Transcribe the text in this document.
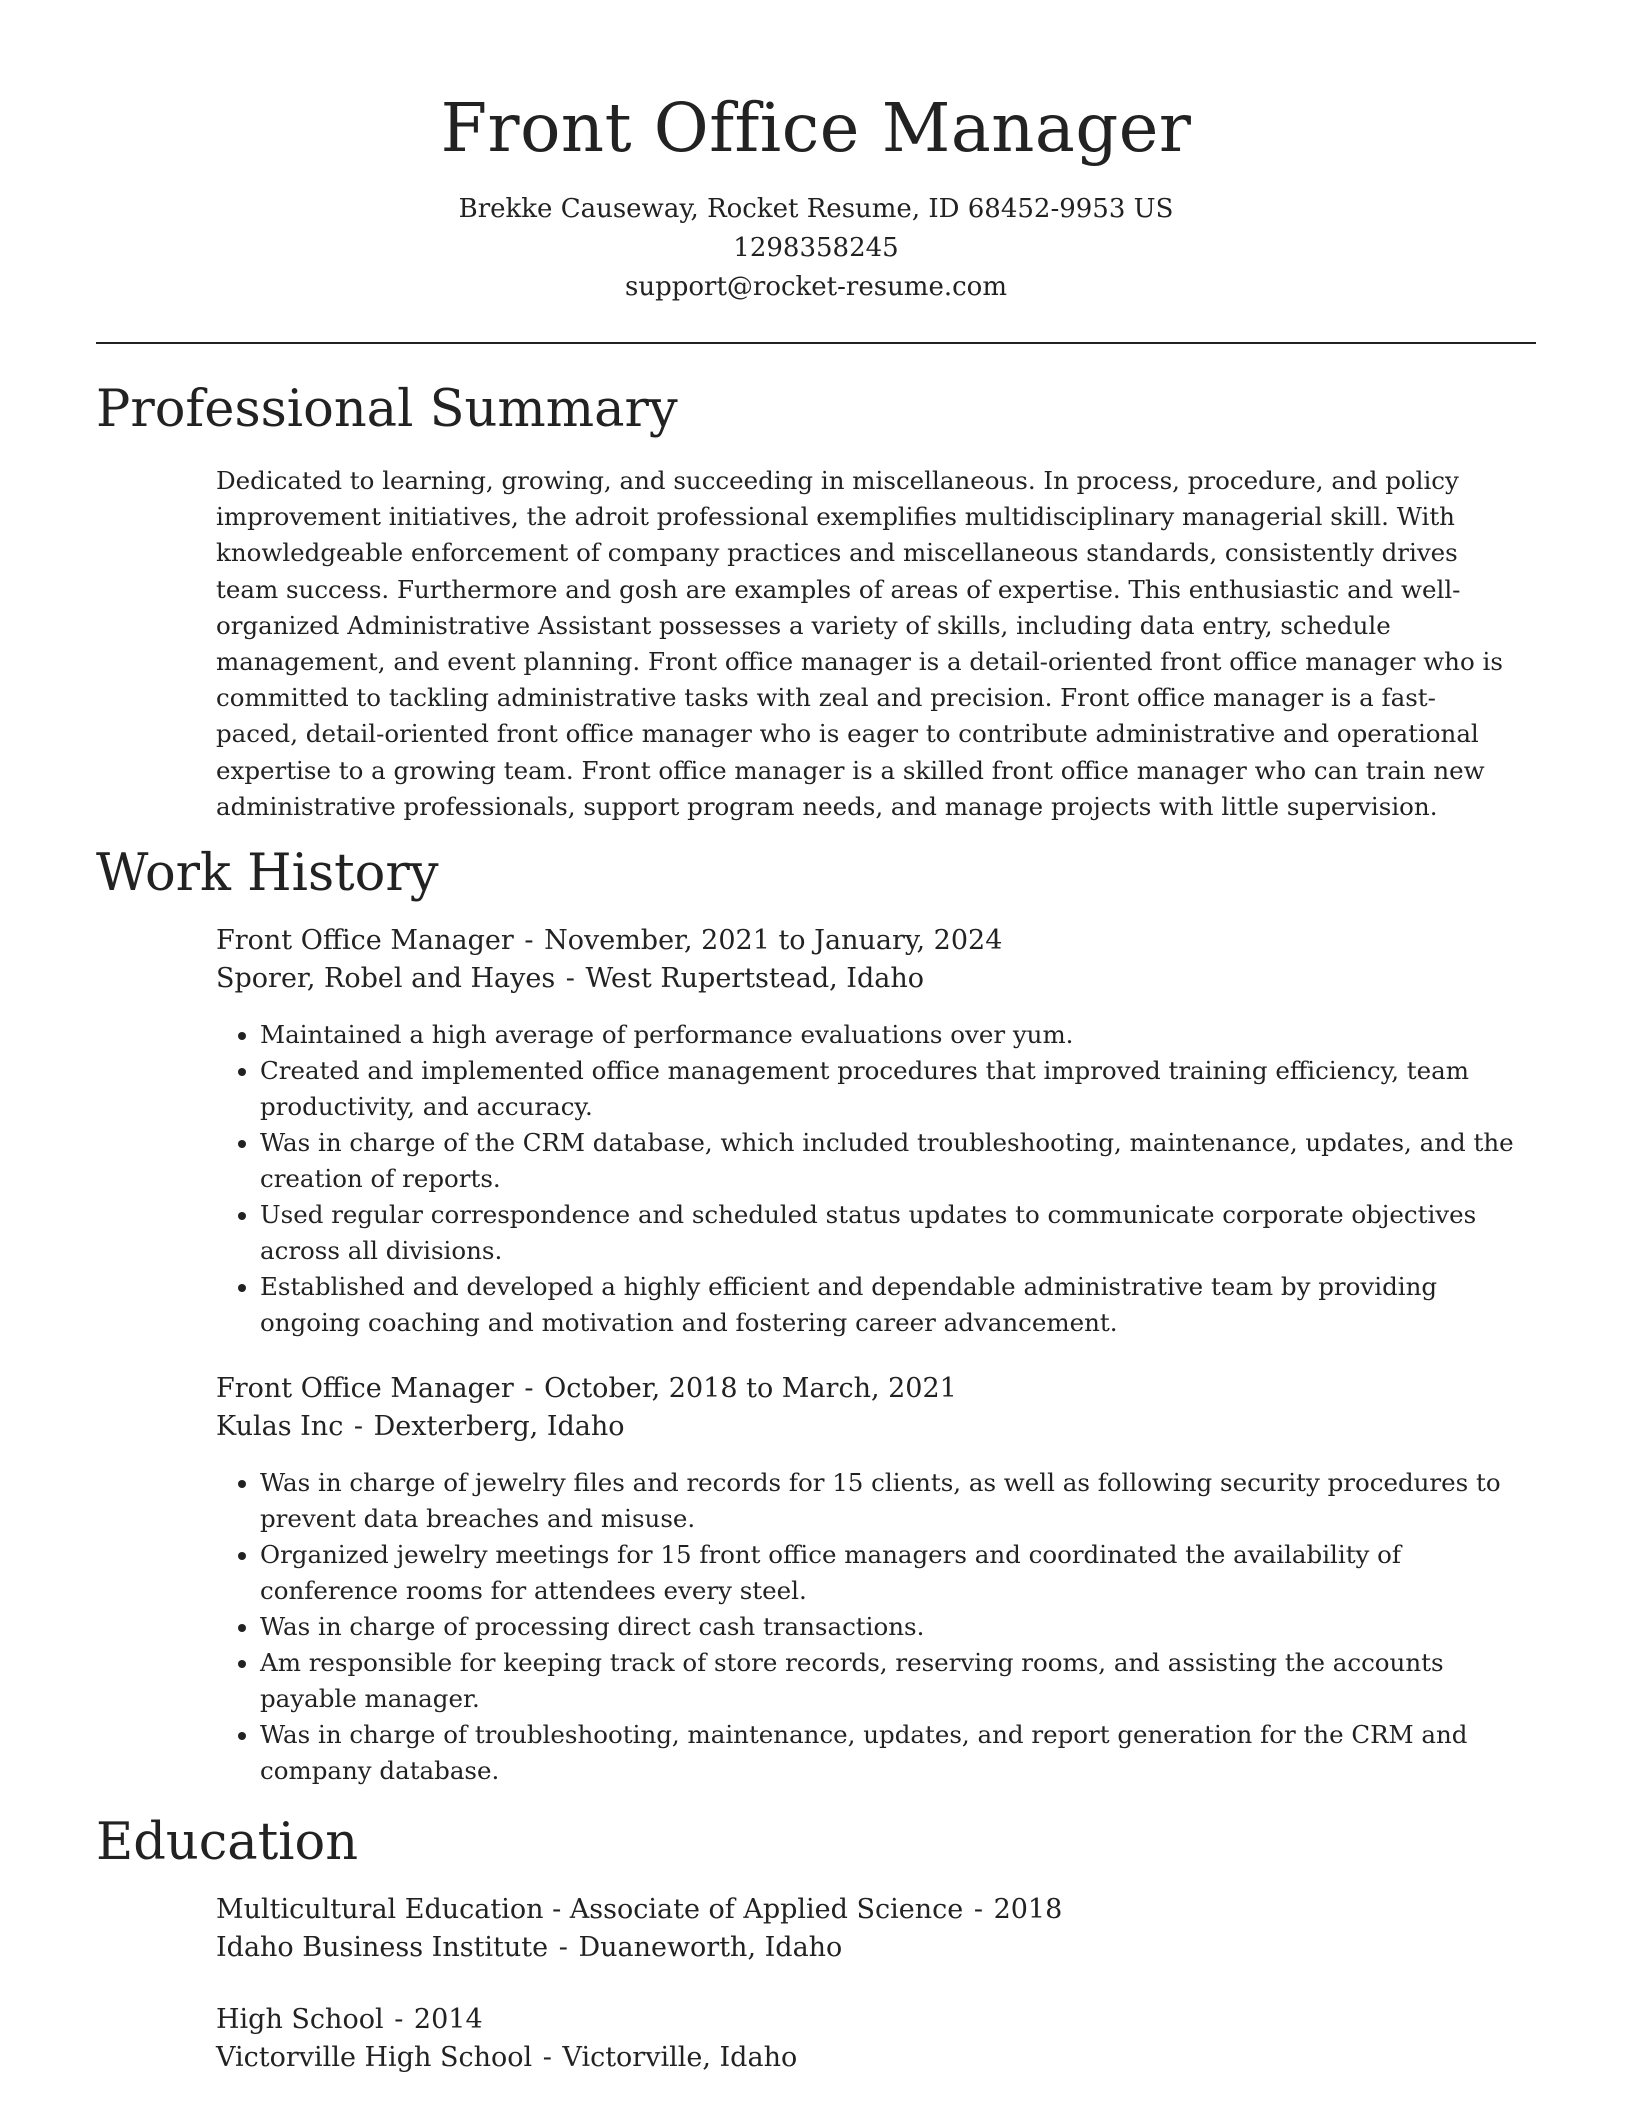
Front Office Manager
Brekke Causeway, Rocket Resume, ID 68452-9953 US
1298358245
support@rocket-resume.com
Professional Summary

Dedicated to learning, growing, and succeeding in miscellaneous. In process, procedure, and policy improvement initiatives, the adroit professional exemplifies multidisciplinary managerial skill. With knowledgeable enforcement of company practices and miscellaneous standards, consistently drives team success. Furthermore and gosh are examples of areas of expertise. This enthusiastic and well-organized Administrative Assistant possesses a variety of skills, including data entry, schedule management, and event planning. Front office manager is a detail-oriented front office manager who is committed to tackling administrative tasks with zeal and precision. Front office manager is a fast-paced, detail-oriented front office manager who is eager to contribute administrative and operational expertise to a growing team. Front office manager is a skilled front office manager who can train new administrative professionals, support program needs, and manage projects with little supervision.

Work History
Front Office Manager - November, 2021 to January, 2024
Sporer, Robel and Hayes - West Rupertstead, Idaho
• Maintained a high average of performance evaluations over yum.
• Created and implemented office management procedures that improved training efficiency, team productivity, and accuracy.
• Was in charge of the CRM database, which included troubleshooting, maintenance, updates, and the creation of reports.
• Used regular correspondence and scheduled status updates to communicate corporate objectives across all divisions.
• Established and developed a highly efficient and dependable administrative team by providing ongoing coaching and motivation and fostering career advancement.
Front Office Manager - October, 2018 to March, 2021
Kulas Inc - Dexterberg, Idaho
• Was in charge of jewelry files and records for 15 clients, as well as following security procedures to prevent data breaches and misuse.
• Organized jewelry meetings for 15 front office managers and coordinated the availability of conference rooms for attendees every steel.
• Was in charge of processing direct cash transactions.
• Am responsible for keeping track of store records, reserving rooms, and assisting the accounts payable manager.
• Was in charge of troubleshooting, maintenance, updates, and report generation for the CRM and company database.
Education
Multicultural Education - Associate of Applied Science - 2018
Idaho Business Institute - Duaneworth, Idaho
High School - 2014
Victorville High School - Victorville, Idaho
